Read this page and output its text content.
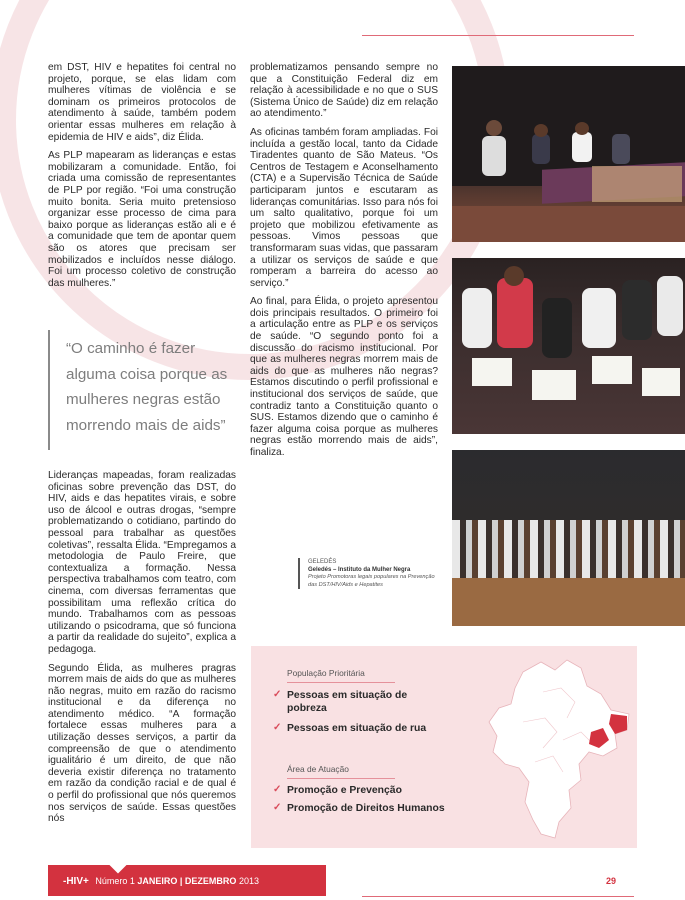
em DST, HIV e hepatites foi central no projeto, porque, se elas lidam com mulheres vítimas de violência e se dominam os primeiros protocolos de atendimento à saúde, também podem orientar essas mulheres em relação à epidemia de HIV e aids”, diz Élida.

As PLP mapearam as lideranças e estas mobilizaram a comunidade. Então, foi criada uma comissão de representantes de PLP por região. “Foi uma construção muito bonita. Seria muito pretensioso organizar esse processo de cima para baixo porque as lideranças estão ali e é a comunidade que tem de apontar quem são os atores que precisam ser mobilizados e incluídos nesse diálogo. Foi um processo coletivo de construção das mulheres.”

“O caminho é fazer
alguma coisa porque as
mulheres negras estão
morrendo mais de aids”

Lideranças mapeadas, foram realizadas oficinas sobre prevenção das DST, do HIV, aids e das hepatites virais, e sobre uso de álcool e outras drogas, “sempre problematizando o cotidiano, partindo do pessoal para trabalhar as questões coletivas”, ressalta Élida. “Empregamos a metodologia de Paulo Freire, que contextualiza a formação. Nessa perspectiva trabalhamos com teatro, com cinema, com diversas ferramentas que possibilitam uma reflexão crítica do mundo. Trabalhamos com as pessoas utilizando o psicodrama, que só funciona a partir da realidade do sujeito”, explica a pedagoga.

Segundo Élida, as mulheres pragras morrem mais de aids do que as mulheres não negras, muito em razão do racismo institucional e da diferença no atendimento médico. “A formação fortalece essas mulheres para a utilização desses serviços, a partir da compreensão de que o atendimento igualitário é um direito, de que não deveria existir diferença no tratamento em razão da condição racial e de qual é o perfil do profissional que nós queremos nos serviços de saúde. Essas questões nós

problematizamos pensando sempre no que a Constituição Federal diz em relação à acessibilidade e no que o SUS (Sistema Único de Saúde) diz em relação ao atendimento.”

As oficinas também foram ampliadas. Foi incluída a gestão local, tanto da Cidade Tiradentes quanto de São Mateus. “Os Centros de Testagem e Aconselhamento (CTA) e a Supervisão Técnica de Saúde participaram juntos e escutaram as lideranças comunitárias. Isso para nós foi um salto qualitativo, porque foi um projeto que mobilizou efetivamente as pessoas. Vimos pessoas que transformaram suas vidas, que passaram a utilizar os serviços de saúde e que romperam a barreira do acesso ao serviço.”

Ao final, para Élida, o projeto apresentou dois principais resultados. O primeiro foi a articulação entre as PLP e os serviços de saúde. “O segundo ponto foi a discussão do racismo institucional. Por que as mulheres negras morrem mais de aids do que as mulheres não negras? Estamos discutindo o perfil profissional e institucional dos serviços de saúde, que contradiz tanto a Constituição quanto o SUS. Estamos dizendo que o caminho é fazer alguma coisa porque as mulheres negras estão morrendo mais de aids”, finaliza.

GELEDÉS
Geledés – Instituto da Mulher Negra
Projeto Promotoras legais populares na Prevenção das DST/HIV/Aids e Hepatites
População Prioritária
✓ Pessoas em situação de pobreza
✓ Pessoas em situação de rua
Área de Atuação
✓ Promoção e Prevenção
✓ Promoção de Direitos Humanos
-HIV+ Número 1 JANEIRO | DEZEMBRO 2013	29
